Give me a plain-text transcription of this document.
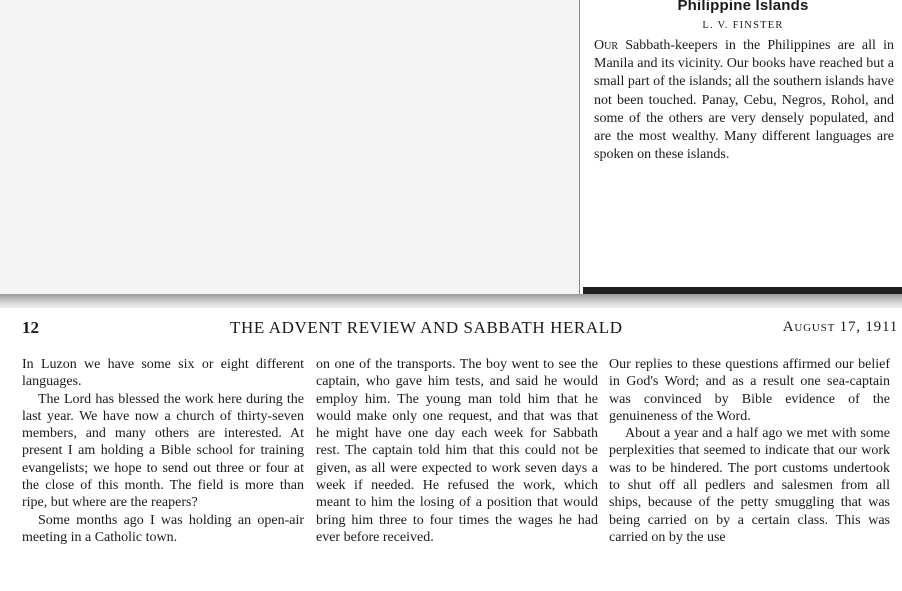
Philippine Islands
L. V. FINSTER
Our Sabbath-keepers in the Philippines are all in Manila and its vicinity. Our books have reached but a small part of the islands; all the southern islands have not been touched. Panay, Cebu, Negros, Rohol, and some of the others are very densely populated, and are the most wealthy. Many different languages are spoken on these islands.
12	THE ADVENT REVIEW AND SABBATH HERALD	August 17, 1911

In Luzon we have some six or eight different languages.

The Lord has blessed the work here during the last year. We have now a church of thirty-seven members, and many others are interested. At present I am holding a Bible school for training evangelists; we hope to send out three or four at the close of this month. The field is more than ripe, but where are the reapers?

Some months ago I was holding an open-air meeting in a Catholic town.

on one of the transports. The boy went to see the captain, who gave him tests, and said he would employ him. The young man told him that he would make only one request, and that was that he might have one day each week for Sabbath rest. The captain told him that this could not be given, as all were expected to work seven days a week if needed. He refused the work, which meant to him the losing of a position that would bring him three to four times the wages he had ever before received.

Our replies to these questions affirmed our belief in God's Word; and as a result one sea-captain was convinced by Bible evidence of the genuineness of the Word.

About a year and a half ago we met with some perplexities that seemed to indicate that our work was to be hindered. The port customs undertook to shut off all pedlers and salesmen from all ships, because of the petty smuggling that was being carried on by a certain class. This was carried on by the use
